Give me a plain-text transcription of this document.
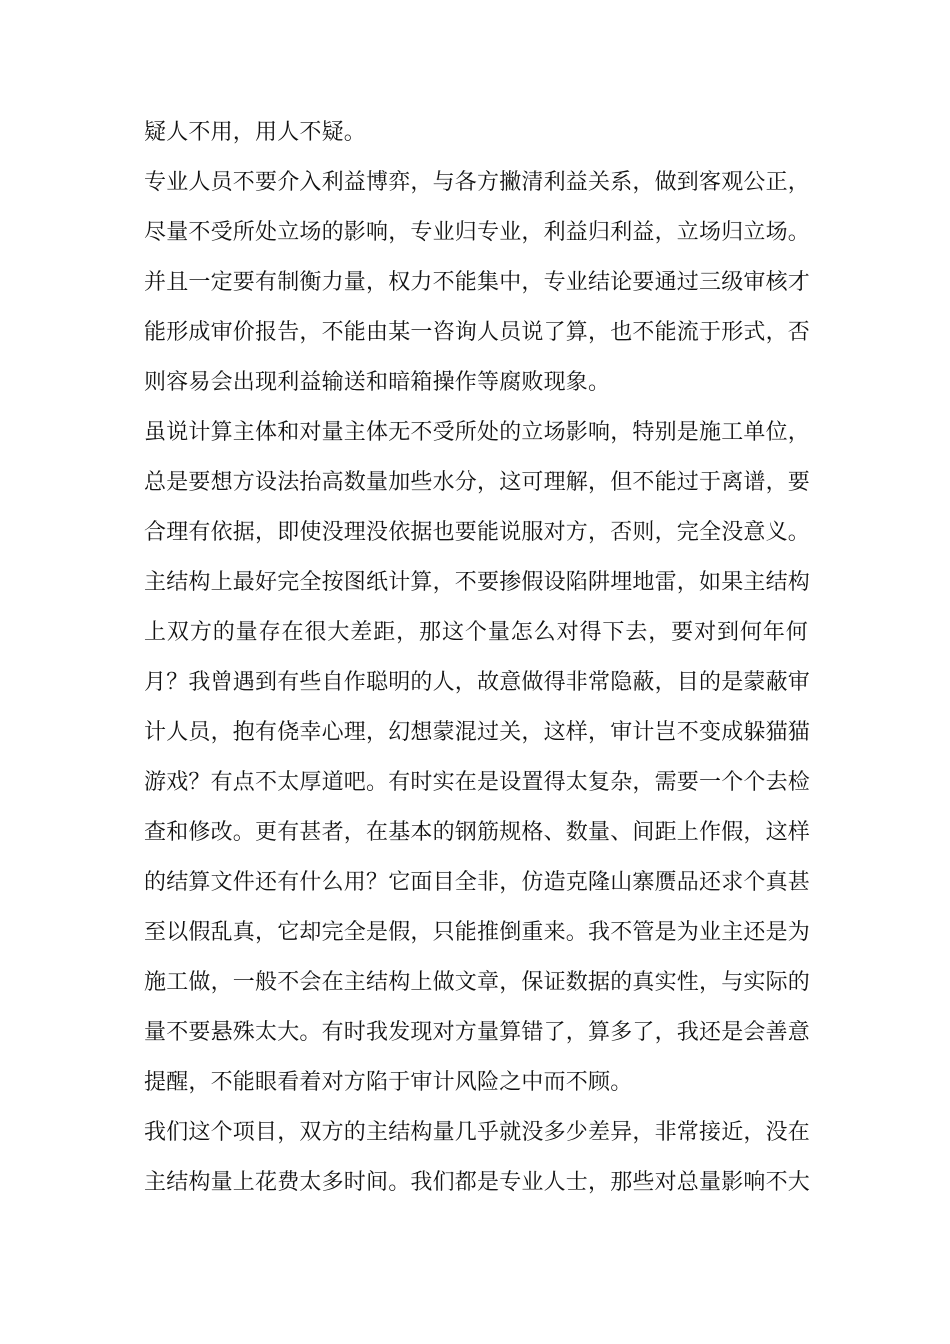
疑人不用，用人不疑。
专业人员不要介入利益博弈，与各方撇清利益关系，做到客观公正，
尽量不受所处立场的影响，专业归专业，利益归利益，立场归立场。
并且一定要有制衡力量，权力不能集中，专业结论要通过三级审核才
能形成审价报告，不能由某一咨询人员说了算，也不能流于形式，否
则容易会出现利益输送和暗箱操作等腐败现象。
虽说计算主体和对量主体无不受所处的立场影响，特别是施工单位，
总是要想方设法抬高数量加些水分，这可理解，但不能过于离谱，要
合理有依据，即使没理没依据也要能说服对方，否则，完全没意义。
主结构上最好完全按图纸计算，不要掺假设陷阱埋地雷，如果主结构
上双方的量存在很大差距，那这个量怎么对得下去，要对到何年何
月？我曾遇到有些自作聪明的人，故意做得非常隐蔽，目的是蒙蔽审
计人员，抱有侥幸心理，幻想蒙混过关，这样，审计岂不变成躲猫猫
游戏？有点不太厚道吧。有时实在是设置得太复杂，需要一个个去检
查和修改。更有甚者，在基本的钢筋规格、数量、间距上作假，这样
的结算文件还有什么用？它面目全非，仿造克隆山寨赝品还求个真甚
至以假乱真，它却完全是假，只能推倒重来。我不管是为业主还是为
施工做，一般不会在主结构上做文章，保证数据的真实性，与实际的
量不要悬殊太大。有时我发现对方量算错了，算多了，我还是会善意
提醒，不能眼看着对方陷于审计风险之中而不顾。
我们这个项目，双方的主结构量几乎就没多少差异，非常接近，没在
主结构量上花费太多时间。我们都是专业人士，那些对总量影响不大
